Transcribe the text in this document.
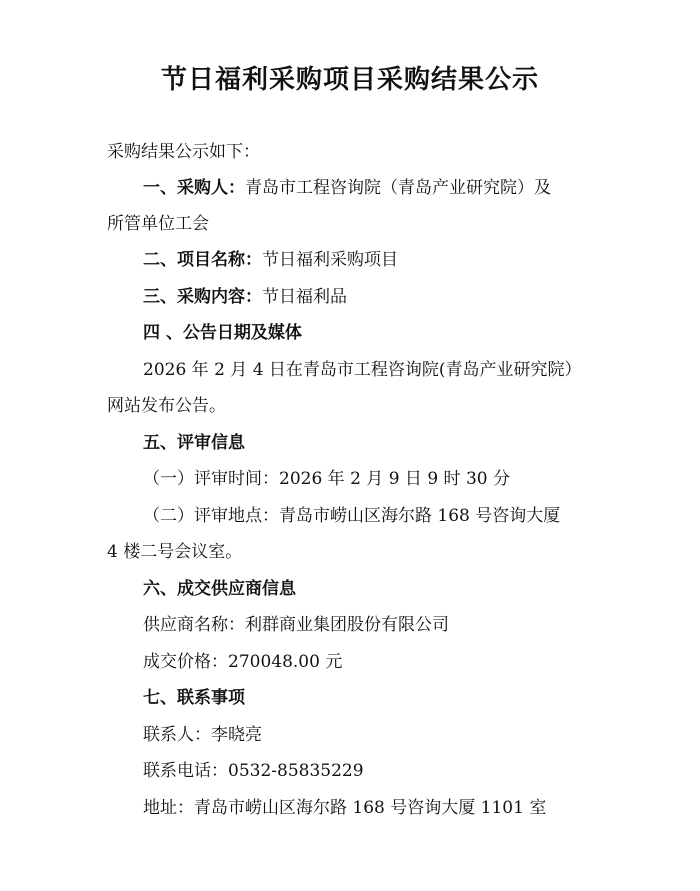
节日福利采购项目采购结果公示
采购结果公示如下：
一、采购人：青岛市工程咨询院（青岛产业研究院）及
所管单位工会
二、项目名称：节日福利采购项目
三、采购内容：节日福利品
四 、公告日期及媒体
2026 年 2 月 4 日在青岛市工程咨询院(青岛产业研究院）
网站发布公告。
五、评审信息
（一）评审时间：2026 年 2 月 9 日 9 时 30 分
（二）评审地点：青岛市崂山区海尔路 168 号咨询大厦
4 楼二号会议室。
六、成交供应商信息
供应商名称：利群商业集团股份有限公司
成交价格：270048.00 元
七、联系事项
联系人：李晓亮
联系电话：0532-85835229
地址：青岛市崂山区海尔路 168 号咨询大厦 1101 室
